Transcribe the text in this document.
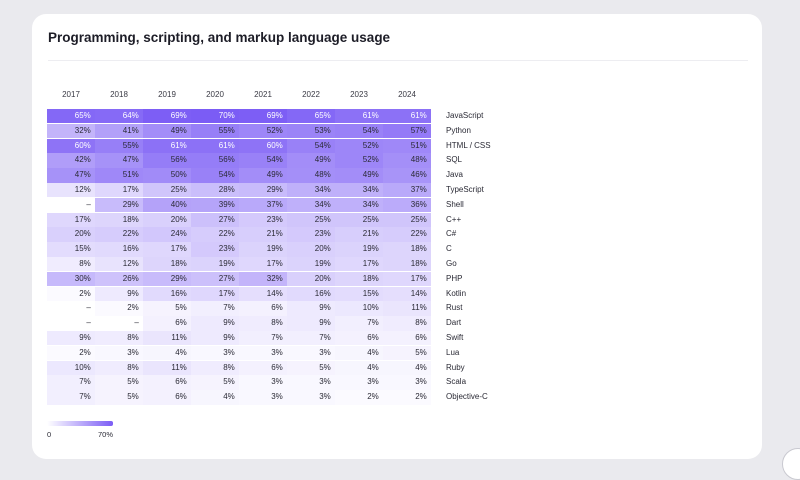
Programming, scripting, and markup language usage
2017	2018	2019	2020	2021	2022	2023	2024
65%	64%	69%	70%	69%	65%	61%	61%	JavaScript
32%	41%	49%	55%	52%	53%	54%	57%	Python
60%	55%	61%	61%	60%	54%	52%	51%	HTML / CSS
42%	47%	56%	56%	54%	49%	52%	48%	SQL
47%	51%	50%	54%	49%	48%	49%	46%	Java
12%	17%	25%	28%	29%	34%	34%	37%	TypeScript
–	29%	40%	39%	37%	34%	34%	36%	Shell
17%	18%	20%	27%	23%	25%	25%	25%	C++
20%	22%	24%	22%	21%	23%	21%	22%	C#
15%	16%	17%	23%	19%	20%	19%	18%	C
8%	12%	18%	19%	17%	19%	17%	18%	Go
30%	26%	29%	27%	32%	20%	18%	17%	PHP
2%	9%	16%	17%	14%	16%	15%	14%	Kotlin
–	2%	5%	7%	6%	9%	10%	11%	Rust
–	–	6%	9%	8%	9%	7%	8%	Dart
9%	8%	11%	9%	7%	7%	6%	6%	Swift
2%	3%	4%	3%	3%	3%	4%	5%	Lua
10%	8%	11%	8%	6%	5%	4%	4%	Ruby
7%	5%	6%	5%	3%	3%	3%	3%	Scala
7%	5%	6%	4%	3%	3%	2%	2%	Objective-C
0	70%
